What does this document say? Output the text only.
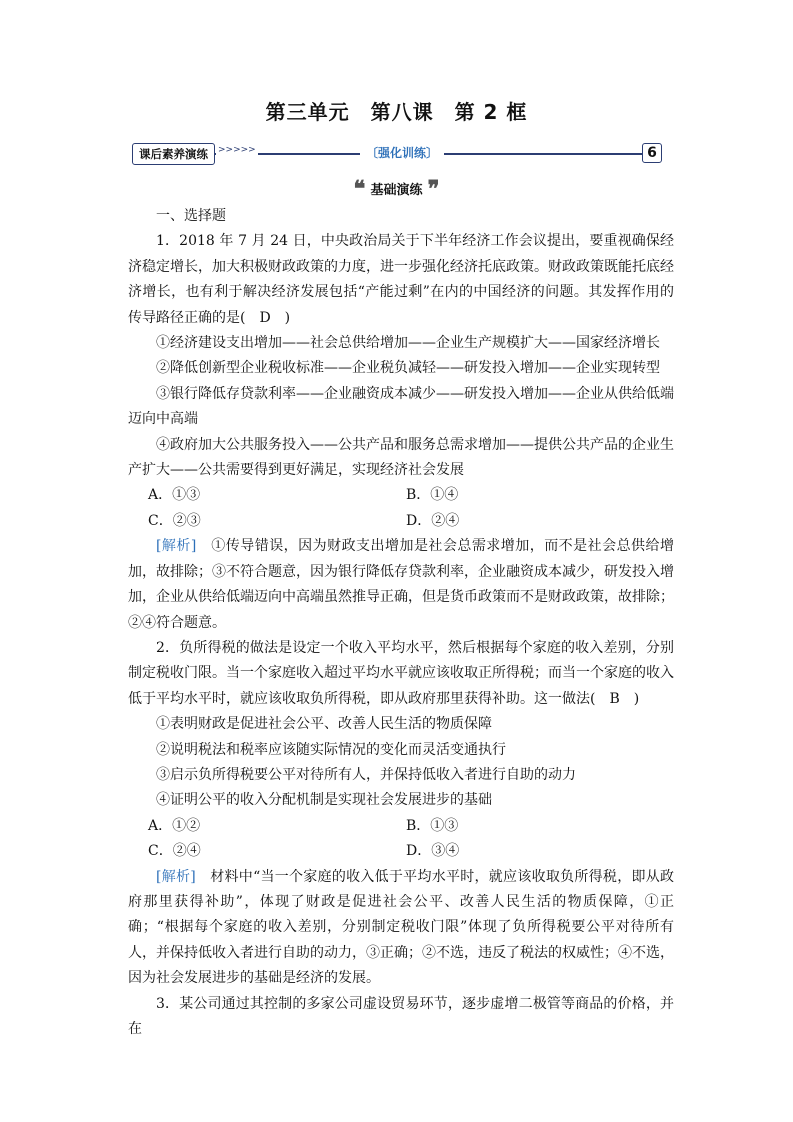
第三单元　第八课　第 2 框
课后素养演练	>>>>>	〔强化训练〕	6
❝ 基础演练 ❞

一、选择题

1．2018 年 7 月 24 日，中央政治局关于下半年经济工作会议提出，要重视确保经济稳定增长，加大积极财政政策的力度，进一步强化经济托底政策。财政政策既能托底经济增长，也有利于解决经济发展包括“产能过剩”在内的中国经济的问题。其发挥作用的传导路径正确的是(　D　)

①经济建设支出增加——社会总供给增加——企业生产规模扩大——国家经济增长

②降低创新型企业税收标准——企业税负减轻——研发投入增加——企业实现转型

③银行降低存贷款利率——企业融资成本减少——研发投入增加——企业从供给低端迈向中高端

④政府加大公共服务投入——公共产品和服务总需求增加——提供公共产品的企业生产扩大——公共需要得到更好满足，实现经济社会发展

A．①③	B．①④
C．②③	D．②④

[解析]　①传导错误，因为财政支出增加是社会总需求增加，而不是社会总供给增加，故排除；③不符合题意，因为银行降低存贷款利率，企业融资成本减少，研发投入增加，企业从供给低端迈向中高端虽然推导正确，但是货币政策而不是财政政策，故排除；②④符合题意。

2．负所得税的做法是设定一个收入平均水平，然后根据每个家庭的收入差别，分别制定税收门限。当一个家庭收入超过平均水平就应该收取正所得税；而当一个家庭的收入低于平均水平时，就应该收取负所得税，即从政府那里获得补助。这一做法(　B　)

①表明财政是促进社会公平、改善人民生活的物质保障

②说明税法和税率应该随实际情况的变化而灵活变通执行

③启示负所得税要公平对待所有人，并保持低收入者进行自助的动力

④证明公平的收入分配机制是实现社会发展进步的基础

A．①②	B．①③
C．②④	D．③④

[解析]　材料中“当一个家庭的收入低于平均水平时，就应该收取负所得税，即从政府那里获得补助”，体现了财政是促进社会公平、改善人民生活的物质保障，①正确；“根据每个家庭的收入差别，分别制定税收门限”体现了负所得税要公平对待所有人，并保持低收入者进行自助的动力，③正确；②不选，违反了税法的权威性；④不选，因为社会发展进步的基础是经济的发展。

3．某公司通过其控制的多家公司虚设贸易环节，逐步虚增二极管等商品的价格，并在
